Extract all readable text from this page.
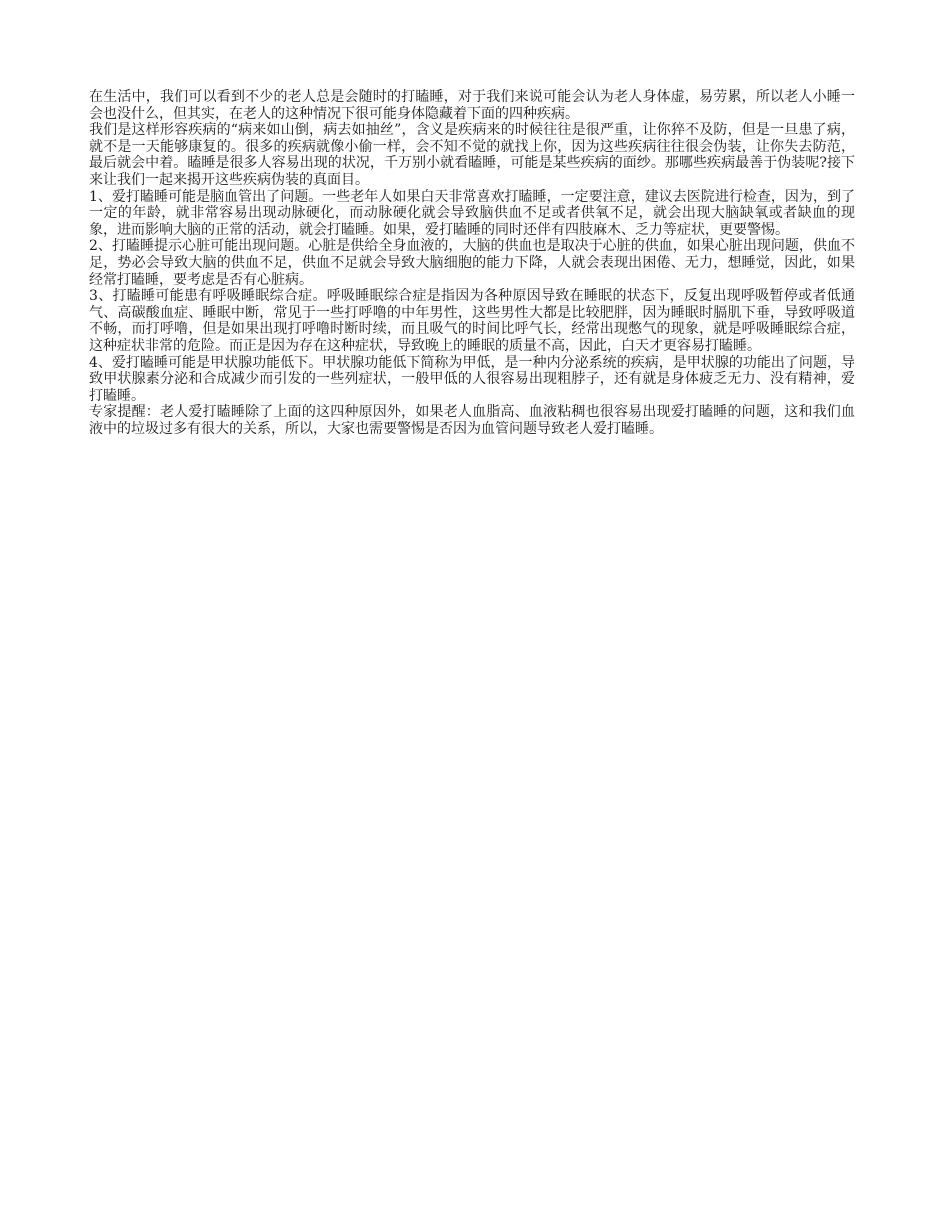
在生活中，我们可以看到不少的老人总是会随时的打瞌睡，对于我们来说可能会认为老人身体虚，易劳累，所以老人小睡一会也没什么，但其实，在老人的这种情况下很可能身体隐藏着下面的四种疾病。

我们是这样形容疾病的“病来如山倒，病去如抽丝”，含义是疾病来的时候往往是很严重，让你猝不及防，但是一旦患了病，就不是一天能够康复的。很多的疾病就像小偷一样，会不知不觉的就找上你，因为这些疾病往往很会伪装，让你失去防范，最后就会中着。瞌睡是很多人容易出现的状况，千万别小就看瞌睡，可能是某些疾病的面纱。那哪些疾病最善于伪装呢?接下来让我们一起来揭开这些疾病伪装的真面目。

1、爱打瞌睡可能是脑血管出了问题。一些老年人如果白天非常喜欢打瞌睡，一定要注意，建议去医院进行检查，因为，到了一定的年龄，就非常容易出现动脉硬化，而动脉硬化就会导致脑供血不足或者供氧不足，就会出现大脑缺氧或者缺血的现象，进而影响大脑的正常的活动，就会打瞌睡。如果，爱打瞌睡的同时还伴有四肢麻木、乏力等症状，更要警惕。

2、打瞌睡提示心脏可能出现问题。心脏是供给全身血液的，大脑的供血也是取决于心脏的供血，如果心脏出现问题，供血不足，势必会导致大脑的供血不足，供血不足就会导致大脑细胞的能力下降，人就会表现出困倦、无力，想睡觉，因此，如果经常打瞌睡，要考虑是否有心脏病。

3、打瞌睡可能患有呼吸睡眠综合症。呼吸睡眠综合症是指因为各种原因导致在睡眠的状态下，反复出现呼吸暂停或者低通气、高碳酸血症、睡眠中断，常见于一些打呼噜的中年男性，这些男性大都是比较肥胖，因为睡眠时膈肌下垂，导致呼吸道不畅，而打呼噜，但是如果出现打呼噜时断时续，而且吸气的时间比呼气长，经常出现憋气的现象，就是呼吸睡眠综合症，这种症状非常的危险。而正是因为存在这种症状，导致晚上的睡眠的质量不高，因此，白天才更容易打瞌睡。

4、爱打瞌睡可能是甲状腺功能低下。甲状腺功能低下简称为甲低，是一种内分泌系统的疾病，是甲状腺的功能出了问题，导致甲状腺素分泌和合成减少而引发的一些列症状，一般甲低的人很容易出现粗脖子，还有就是身体疲乏无力、没有精神，爱打瞌睡。

专家提醒：老人爱打瞌睡除了上面的这四种原因外，如果老人血脂高、血液粘稠也很容易出现爱打瞌睡的问题，这和我们血液中的垃圾过多有很大的关系，所以，大家也需要警惕是否因为血管问题导致老人爱打瞌睡。
